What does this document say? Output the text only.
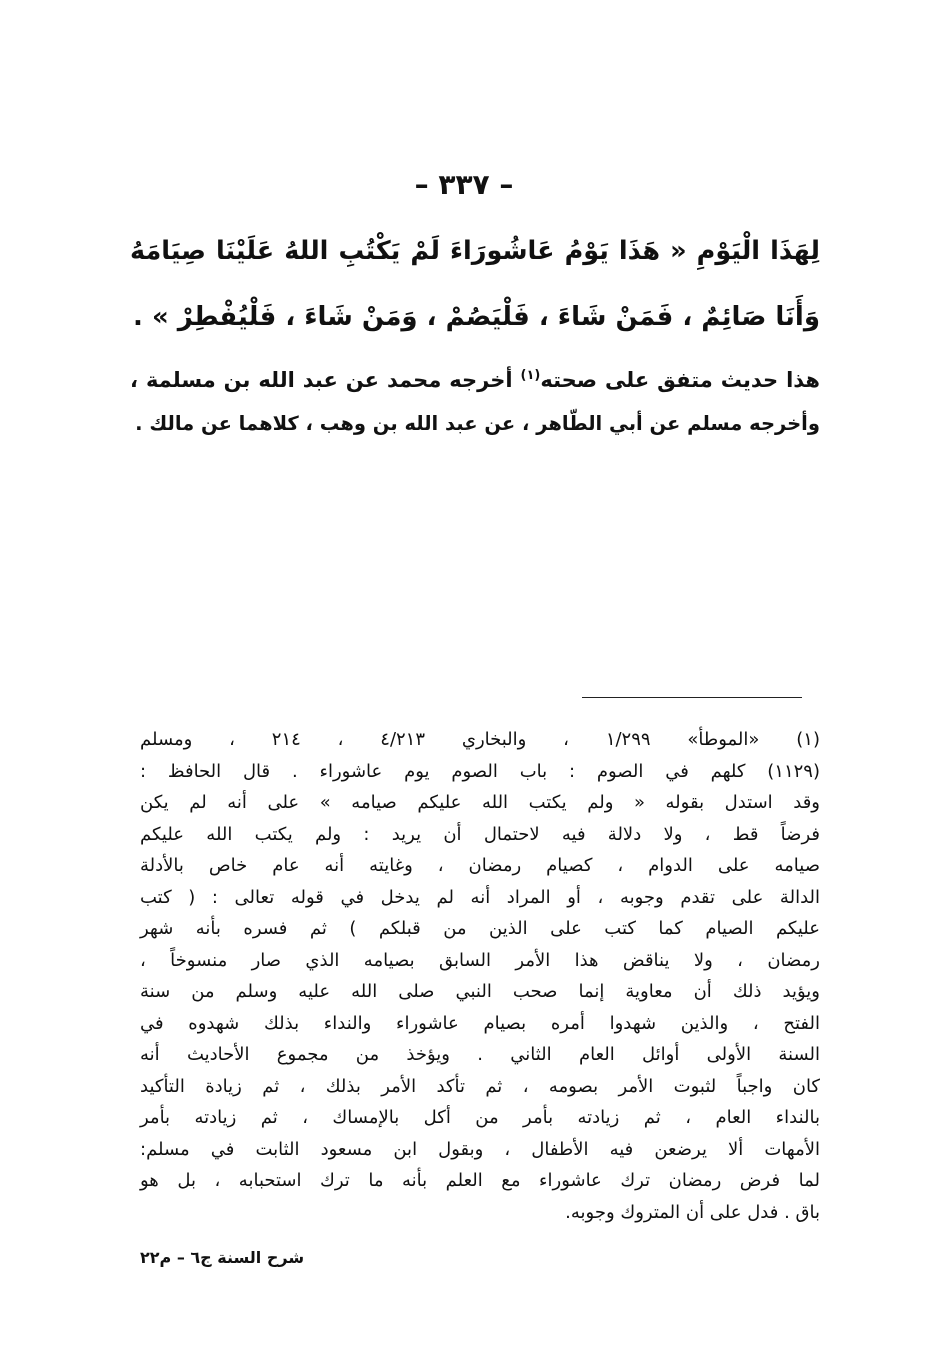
– ٣٣٧ –
لِهَذَا الْيَوْمِ « هَذَا يَوْمُ عَاشُورَاءَ لَمْ يَكْتُبِ اللهُ عَلَيْنَا صِيَامَهُ
وَأَنَا صَائِمٌ ، فَمَنْ شَاءَ ، فَلْيَصُمْ ، وَمَنْ شَاءَ ، فَلْيُفْطِرْ » .
هذا حديث متفق على صحته$^{(١)}$ أخرجه محمد عن عبد الله بن مسلمة ،
وأخرجه مسلم عن أبي الطّاهر ، عن عبد الله بن وهب ، كلاهما عن مالك .
(١) «الموطأ» ١/٢٩٩ ، والبخاري ٤/٢١٣ ، ٢١٤ ، ومسلم
(١١٢٩) كلهم في الصوم : باب الصوم يوم عاشوراء . قال الحافظ :
وقد استدل بقوله « ولم يكتب الله عليكم صيامه » على أنه لم يكن
فرضاً قط ، ولا دلالة فيه لاحتمال أن يريد : ولم يكتب الله عليكم
صيامه على الدوام ، كصيام رمضان ، وغايته أنه عام خاص بالأدلة
الدالة على تقدم وجوبه ، أو المراد أنه لم يدخل في قوله تعالى : ( كتب
عليكم الصيام كما كتب على الذين من قبلكم ) ثم فسره بأنه شهر
رمضان ، ولا يناقض هذا الأمر السابق بصيامه الذي صار منسوخاً ،
ويؤيد ذلك أن معاوية إنما صحب النبي صلى الله عليه وسلم من سنة
الفتح ، والذين شهدوا أمره بصيام عاشوراء والنداء بذلك شهدوه في
السنة الأولى أوائل العام الثاني . ويؤخذ من مجموع الأحاديث أنه
كان واجباً لثبوت الأمر بصومه ، ثم تأكد الأمر بذلك ، ثم زيادة التأكيد
بالنداء العام ، ثم زيادته بأمر من أكل بالإمساك ، ثم زيادته بأمر
الأمهات ألا يرضعن فيه الأطفال ، وبقول ابن مسعود الثابت في مسلم:
لما فرض رمضان ترك عاشوراء مع العلم بأنه ما ترك استحبابه ، بل هو
باق . فدل على أن المتروك وجوبه.
شرح السنة ج٦ – م٢٢
